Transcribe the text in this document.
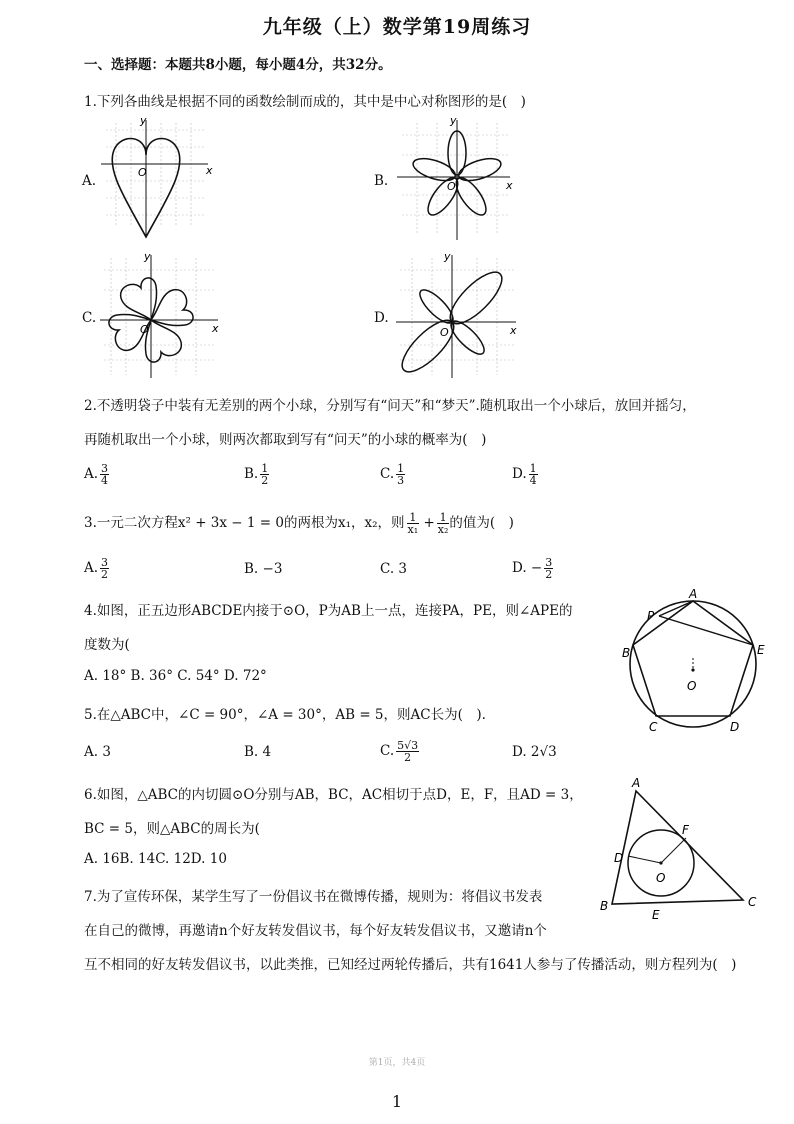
九年级（上）数学第19周练习
一、选择题：本题共8小题，每小题4分，共32分。
1.下列各曲线是根据不同的函数绘制而成的，其中是中心对称图形的是(　)
A.	B.
C.	D.
x
y
O
x
y
O
x
y
O	x
y
O
2.不透明袋子中装有无差别的两个小球，分别写有“问天”和“梦天”.随机取出一个小球后，放回并摇匀，
再随机取出一个小球，则两次都取到写有“问天”的小球的概率为(　)
A. $\frac{3}{4}$	B. $\frac{1}{2}$	C. $\frac{1}{3}$	D. $\frac{1}{4}$
3.一元二次方程x² + 3x − 1 = 0的两根为x₁，x₂，则 $\frac{1}{\text{x₁}} + \frac{1}{\text{x₂}}$ 的值为(　)
A. $\frac{3}{2}$	B. −3	C. 3	D. − $\frac{3}{2}$
4.如图，正五边形ABCDE内接于⊙O，P为AB上一点，连接PA，PE，则∠APE的
度数为(
A. 18° B. 36° C. 54° D. 72°
P
A
B
C	D
E
O
5.在△ABC中，∠C = 90°，∠A = 30°，AB = 5，则AC长为(　).
A. 3	B. 4	C. $\frac{5√3}{2}$	D. 2√3
6.如图，△ABC的内切圆⊙O分别与AB，BC，AC相切于点D，E，F，且AD = 3，
BC = 5，则△ABC的周长为(
A. 16B. 14C. 12D. 10
A
B	C
D
E
F
O
7.为了宣传环保，某学生写了一份倡议书在微博传播，规则为：将倡议书发表
在自己的微博，再邀请n个好友转发倡议书，每个好友转发倡议书，又邀请n个
互不相同的好友转发倡议书，以此类推，已知经过两轮传播后，共有1641人参与了传播活动，则方程列为(　)
第1页，共4页
1
